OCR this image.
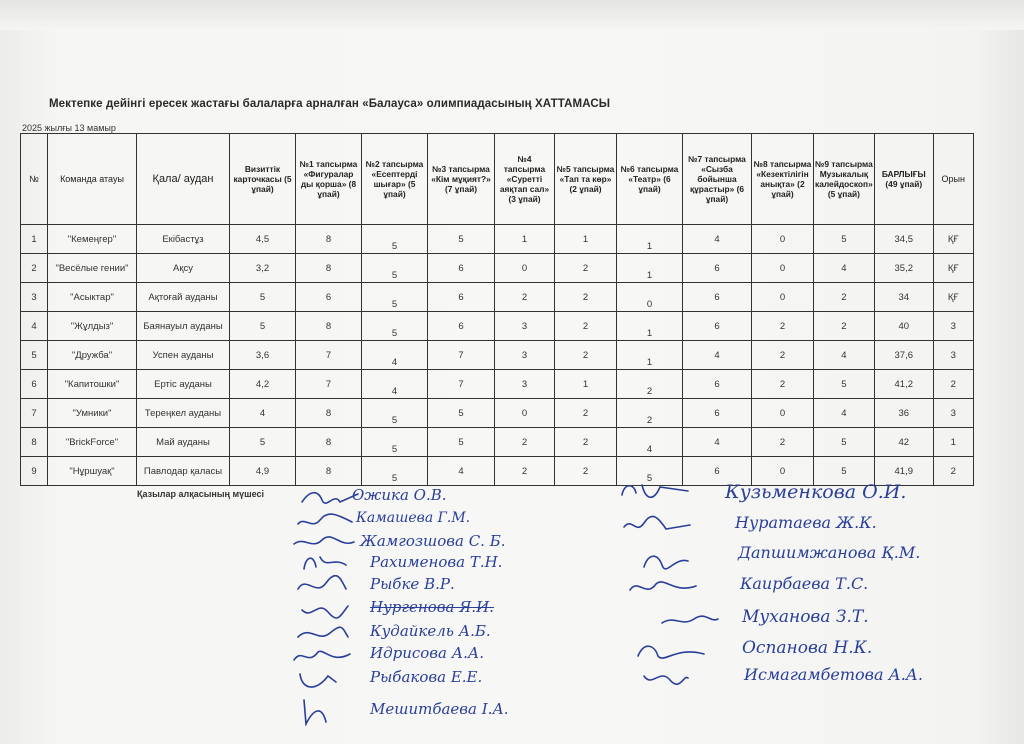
Мектепке дейінгі ересек жастағы балаларға арналған «Балауса» олимпиадасының ХАТТАМАСЫ
2025 жылғы 13 мамыр
№	Команда атауы	Қала/ аудан	Визиттік карточкасы (5 ұпай)	№1 тапсырма «Фигуралар ды қорша» (8 ұпай)	№2 тапсырма «Есептерді шығар» (5 ұпай)	№3 тапсырма «Кім мұқият?» (7 ұпай)	№4 тапсырма «Суретті аяқтап сал» (3 ұпай)	№5 тапсырма «Тап та көр» (2 ұпай)	№6 тапсырма «Театр» (6 ұпай)	№7 тапсырма «Сызба бойынша құрастыр» (6 ұпай)	№8 тапсырма «Кезектілігін анықта» (2 ұпай)	№9 тапсырма Музыкалық калейдоскоп» (5 ұпай)	БАРЛЫҒЫ (49 ұпай)	Орын
1	"Кемеңгер"	Екібастұз	4,5	8	5	5	1	1	1	4	0	5	34,5	ҚҒ
2	"Весёлые гении"	Ақсу	3,2	8	5	6	0	2	1	6	0	4	35,2	ҚҒ
3	"Асыктар"	Ақтоғай ауданы	5	6	5	6	2	2	0	6	0	2	34	ҚҒ
4	"Жұлдыз"	Баянауыл ауданы	5	8	5	6	3	2	1	6	2	2	40	3
5	"Дружба"	Успен ауданы	3,6	7	4	7	3	2	1	4	2	4	37,6	3
6	"Капитошки"	Ертіс ауданы	4,2	7	4	7	3	1	2	6	2	5	41,2	2
7	"Умники"	Тереңкел ауданы	4	8	5	5	0	2	2	6	0	4	36	3
8	"BrickForce"	Май ауданы	5	8	5	5	2	2	4	4	2	5	42	1
9	"Нұршуақ"	Павлодар қаласы	4,9	8	5	4	2	2	5	6	0	5	41,9	2
Қазылар алқасының мүшесі	Ожика О.В.
Камашева Г.М.
Жамгозшова С. Б.
Рахименова Т.Н.
Рыбке В.Р.
Нургенова Я.И.
Кудайкель А.Б.
Идрисова А.А.
Рыбакова Е.Е.
Мешитбаева І.А.
Кузьменкова О.И.
Нуратаева Ж.К.
Дапшимжанова Қ.М.
Каирбаева Т.С.
Муханова З.Т.
Оспанова Н.К.
Исмагамбетова А.А.
